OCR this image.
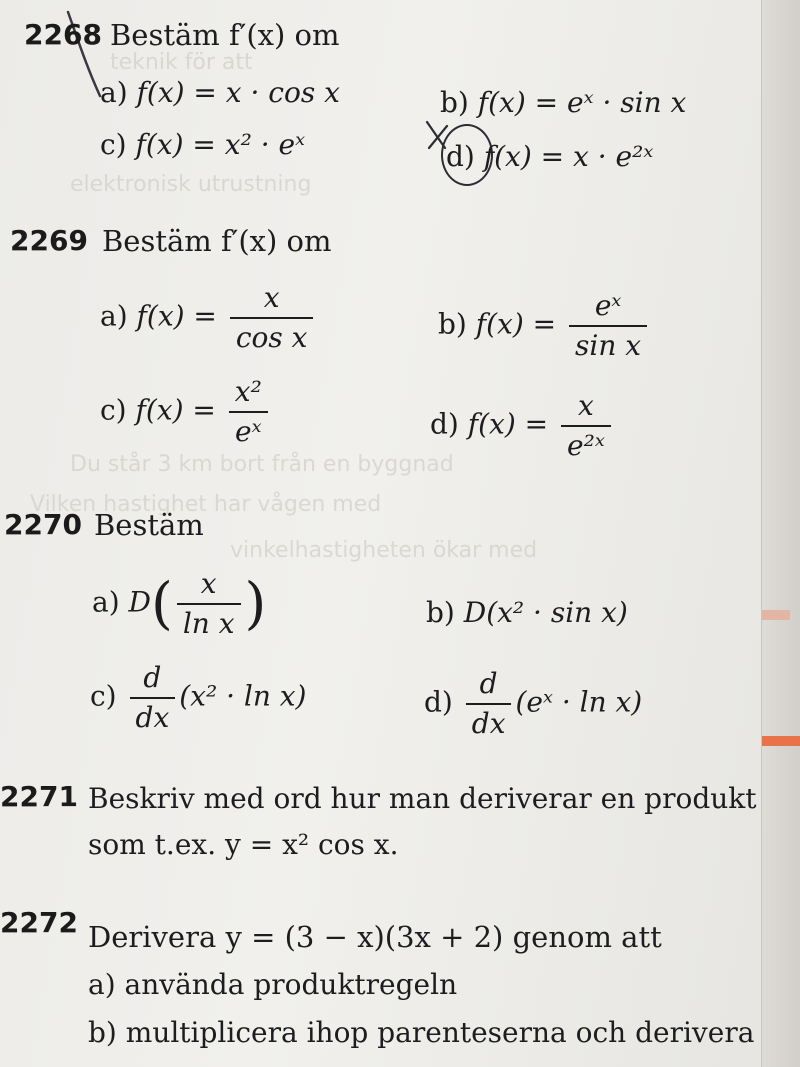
teknik för att
elektronisk utrustning
Du står 3 km bort från en byggnad
Vilken hastighet har vågen med
vinkelhastigheten ökar med
2268 Bestäm f′(x) om
a) f(x) = x · cos x	b) f(x) = eˣ · sin x
c) f(x) = x² · eˣ	d) f(x) = x · e²ˣ
2269 Bestäm f′(x) om
a) $f(x) = \frac{x}{\text{cos x}}$	b) $f(x) = \frac{\text{eˣ}}{\text{sin x}}$
c) $f(x) = \frac{\text{x²}}{\text{eˣ}}$	d) $f(x) = \frac{x}{\text{e²ˣ}}$
2270 Bestäm
a) $D( \frac{x}{\text{ln x}}$ )	b) D(x² · sin x)
$c) \frac{d}{dx} (x^2 \cdot \ln x)$	$d) \frac{d}{dx}$ (eˣ · ln x)
2271 Beskriv med ord hur man deriverar en produkt
som t.ex. y = x² cos x.
2272 Derivera y = (3 − x)(3x + 2) genom att
a) använda produktregeln
b) multiplicera ihop parenteserna och derivera
